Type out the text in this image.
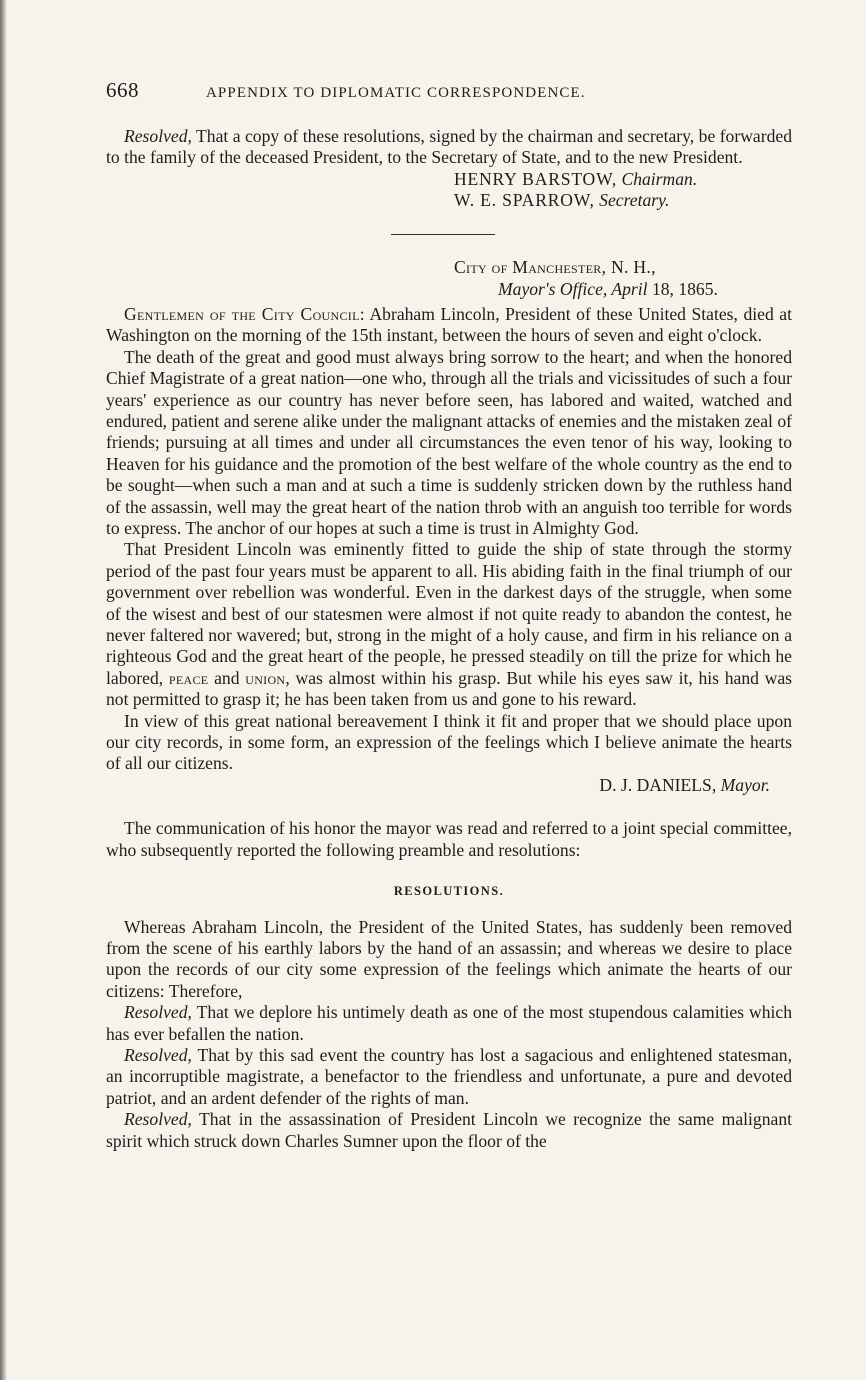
668	APPENDIX TO DIPLOMATIC CORRESPONDENCE.

Resolved, That a copy of these resolutions, signed by the chairman and secretary, be forwarded to the family of the deceased President, to the Secretary of State, and to the new President.

HENRY BARSTOW, Chairman.
W. E. SPARROW, Secretary.
City of Manchester, N. H.,
Mayor's Office, April 18, 1865.

Gentlemen of the City Council: Abraham Lincoln, President of these United States, died at Washington on the morning of the 15th instant, between the hours of seven and eight o'clock.

The death of the great and good must always bring sorrow to the heart; and when the honored Chief Magistrate of a great nation—one who, through all the trials and vicissitudes of such a four years' experience as our country has never before seen, has labored and waited, watched and endured, patient and serene alike under the malignant attacks of enemies and the mistaken zeal of friends; pursuing at all times and under all circumstances the even tenor of his way, looking to Heaven for his guidance and the promotion of the best welfare of the whole country as the end to be sought—when such a man and at such a time is suddenly stricken down by the ruthless hand of the assassin, well may the great heart of the nation throb with an anguish too terrible for words to express. The anchor of our hopes at such a time is trust in Almighty God.

That President Lincoln was eminently fitted to guide the ship of state through the stormy period of the past four years must be apparent to all. His abiding faith in the final triumph of our government over rebellion was wonderful. Even in the darkest days of the struggle, when some of the wisest and best of our statesmen were almost if not quite ready to abandon the contest, he never faltered nor wavered; but, strong in the might of a holy cause, and firm in his reliance on a righteous God and the great heart of the people, he pressed steadily on till the prize for which he labored, peace and union, was almost within his grasp. But while his eyes saw it, his hand was not permitted to grasp it; he has been taken from us and gone to his reward.

In view of this great national bereavement I think it fit and proper that we should place upon our city records, in some form, an expression of the feelings which I believe animate the hearts of all our citizens.

D. J. DANIELS, Mayor.

The communication of his honor the mayor was read and referred to a joint special committee, who subsequently reported the following preamble and resolutions:

RESOLUTIONS.

Whereas Abraham Lincoln, the President of the United States, has suddenly been removed from the scene of his earthly labors by the hand of an assassin; and whereas we desire to place upon the records of our city some expression of the feelings which animate the hearts of our citizens: Therefore,

Resolved, That we deplore his untimely death as one of the most stupendous calamities which has ever befallen the nation.

Resolved, That by this sad event the country has lost a sagacious and enlightened statesman, an incorruptible magistrate, a benefactor to the friendless and unfortunate, a pure and devoted patriot, and an ardent defender of the rights of man.

Resolved, That in the assassination of President Lincoln we recognize the same malignant spirit which struck down Charles Sumner upon the floor of the
